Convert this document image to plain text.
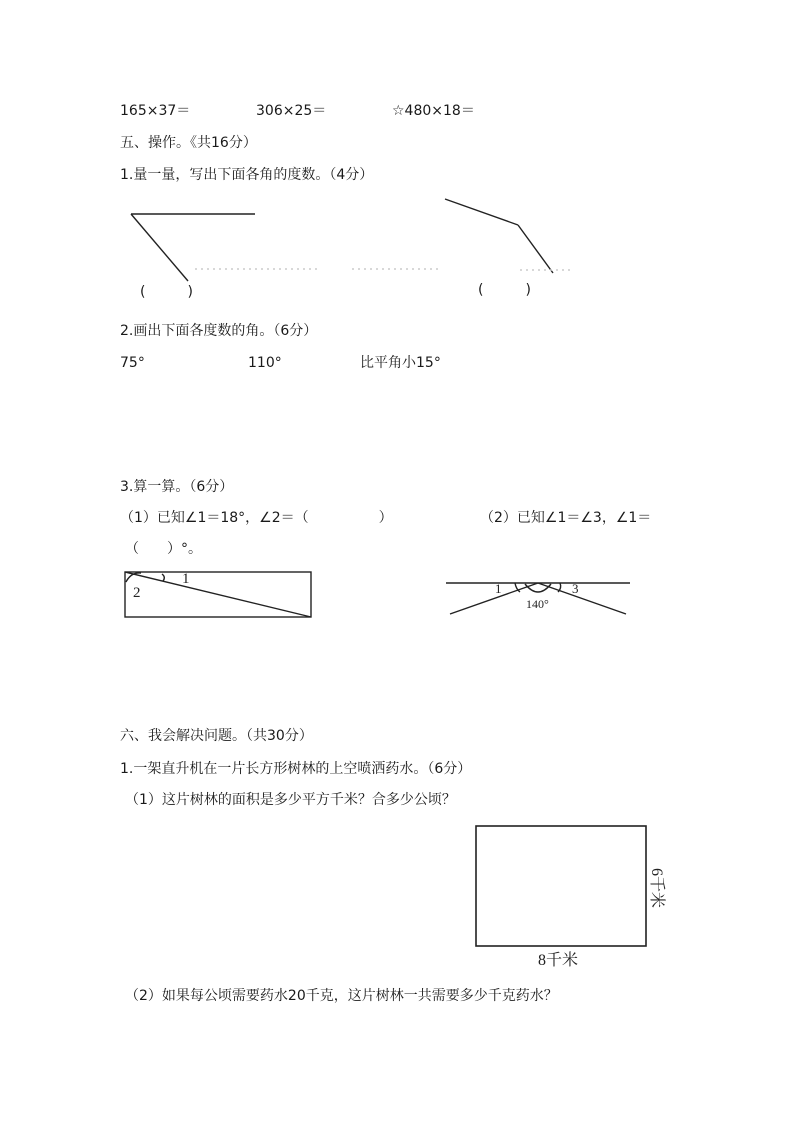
165×37＝	306×25＝	☆480×18＝
五、操作。《共16分）
1.量一量，写出下面各角的度数。（4分）
(　　　)	(　　　)
2.画出下面各度数的角。（6分）
75°	110°	比平角小15°
3.算一算。（6分）
（1）已知∠1＝18°，∠2＝（　　　　　）	（2）已知∠1＝∠3，∠1＝
（　　）°。
1
2	1	3
140°
六、我会解决问题。（共30分）
1.一架直升机在一片长方形树林的上空喷洒药水。（6分）
（1）这片树林的面积是多少平方千米？合多少公顷？
8千米
6千米
（2）如果每公顷需要药水20千克，这片树林一共需要多少千克药水？
